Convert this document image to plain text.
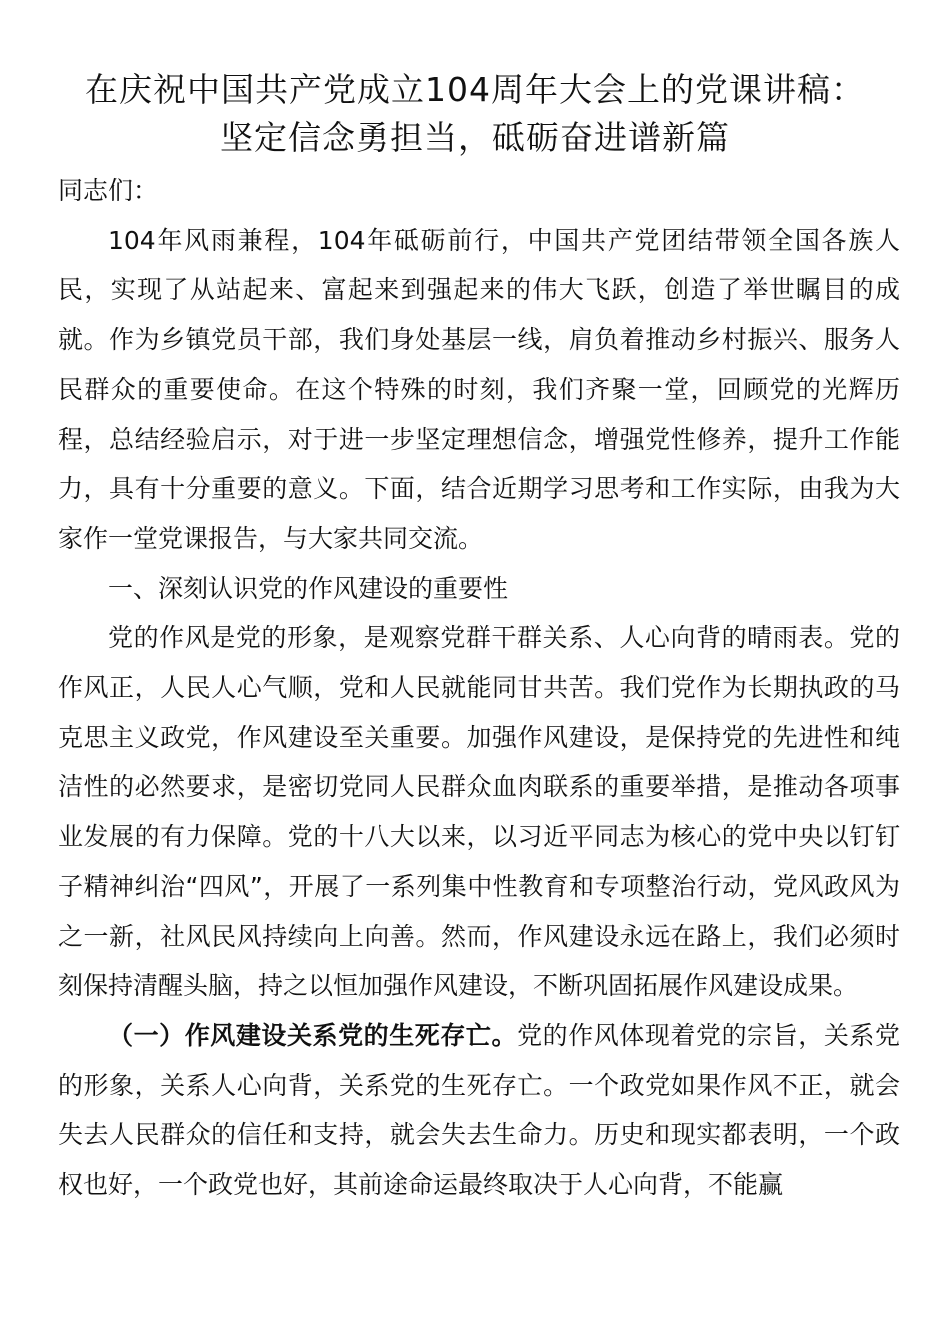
在庆祝中国共产党成立104周年大会上的党课讲稿：
坚定信念勇担当，砥砺奋进谱新篇

同志们：

104年风雨兼程，104年砥砺前行，中国共产党团结带领全国各族人民，实现了从站起来、富起来到强起来的伟大飞跃，创造了举世瞩目的成就。作为乡镇党员干部，我们身处基层一线，肩负着推动乡村振兴、服务人民群众的重要使命。在这个特殊的时刻，我们齐聚一堂，回顾党的光辉历程，总结经验启示，对于进一步坚定理想信念，增强党性修养，提升工作能力，具有十分重要的意义。下面，结合近期学习思考和工作实际，由我为大家作一堂党课报告，与大家共同交流。

一、深刻认识党的作风建设的重要性

党的作风是党的形象，是观察党群干群关系、人心向背的晴雨表。党的作风正，人民人心气顺，党和人民就能同甘共苦。我们党作为长期执政的马克思主义政党，作风建设至关重要。加强作风建设，是保持党的先进性和纯洁性的必然要求，是密切党同人民群众血肉联系的重要举措，是推动各项事业发展的有力保障。党的十八大以来，以习近平同志为核心的党中央以钉钉子精神纠治“四风”，开展了一系列集中性教育和专项整治行动，党风政风为之一新，社风民风持续向上向善。然而，作风建设永远在路上，我们必须时刻保持清醒头脑，持之以恒加强作风建设，不断巩固拓展作风建设成果。

（一）作风建设关系党的生死存亡。党的作风体现着党的宗旨，关系党的形象，关系人心向背，关系党的生死存亡。一个政党如果作风不正，就会失去人民群众的信任和支持，就会失去生命力。历史和现实都表明，一个政权也好，一个政党也好，其前途命运最终取决于人心向背，不能赢
